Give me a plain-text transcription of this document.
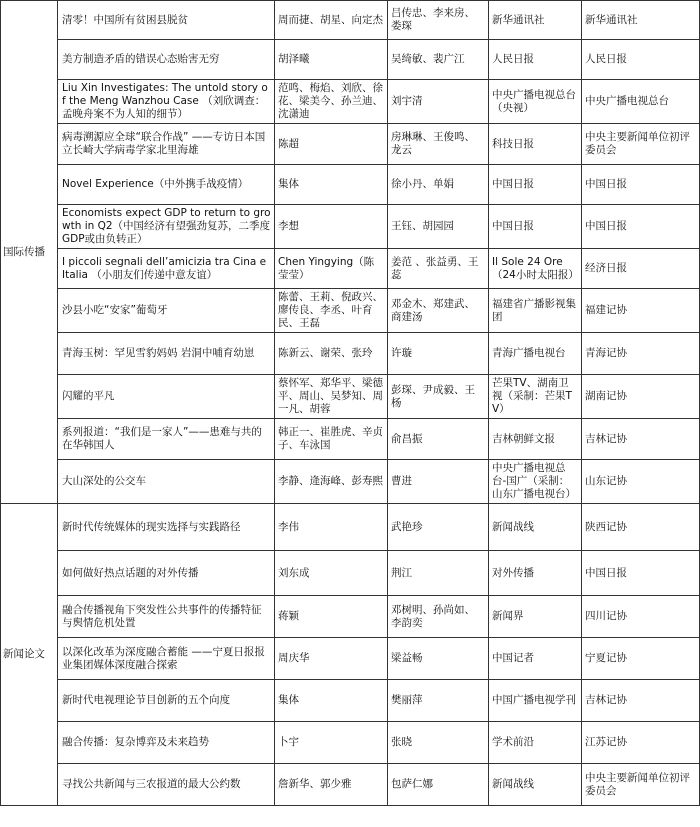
国际传播	清零！中国所有贫困县脱贫	周而捷、胡星、向定杰	吕传忠、李来房、娄琛	新华通讯社	新华通讯社
	美方制造矛盾的错误心态贻害无穷	胡泽曦	吴绮敏、裴广江	人民日报	人民日报
	Liu Xin Investigates: The untold story of the Meng Wanzhou Case （刘欣调查：孟晚舟案不为人知的细节）	范鸣、梅焰、刘欣、徐花、梁美今、孙兰迪、沈潇迪	刘宇清	中央广播电视总台（央视）	中央广播电视总台
	病毒溯源应全球“联合作战” ——专访日本国立长崎大学病毒学家北里海雄	陈超	房琳琳、王俊鸣、龙云	科技日报	中央主要新闻单位初评委员会
	Novel Experience（中外携手战疫情）	集体	徐小丹、单娟	中国日报	中国日报
	Economists expect GDP to return to growth in Q2（中国经济有望强劲复苏，二季度GDP或由负转正）	李想	王钰、胡园园	中国日报	中国日报
	I piccoli segnali dell’amicizia tra Cina e Italia （小朋友们传递中意友谊）	Chen Yingying（陈莹莹）	姜范 、张益勇、王蕊	Il Sole 24 Ore（24小时太阳报）	经济日报
	沙县小吃“安家”葡萄牙	陈蕾、王莉、倪政兴、廖传良、李丞、叶育民、王磊	邓金木、郑建武、商建汤	福建省广播影视集团	福建记协
	青海玉树：罕见雪豹妈妈 岩洞中哺育幼崽	陈新云、谢荣、张玲	许璇	青海广播电视台	青海记协
	闪耀的平凡	蔡怀军、郑华平、梁德平、周山、吴梦知、周一凡、胡蓉	彭琛、尹成毅、王杨	芒果TV、湖南卫视（采制：芒果TV）	湖南记协
	系列报道：“我们是一家人”——患难与共的在华韩国人	韩正一、崔胜虎、辛贞子、车泳国	俞昌振	吉林朝鲜文报	吉林记协
	大山深处的公交车	李静、逄海峰、彭寿熙	曹进	中央广播电视总台-国广（采制：山东广播电视台）	山东记协
新闻论文	新时代传统媒体的现实选择与实践路径	李伟	武艳珍	新闻战线	陕西记协
	如何做好热点话题的对外传播	刘东成	荆江	对外传播	中国日报
	融合传播视角下突发性公共事件的传播特征与舆情危机处置	蒋颖	邓树明、孙尚如、李韵奕	新闻界	四川记协
	以深化改革为深度融合蓄能 ——宁夏日报报业集团媒体深度融合探索	周庆华	梁益畅	中国记者	宁夏记协
	新时代电视理论节目创新的五个向度	集体	樊丽萍	中国广播电视学刊	吉林记协
	融合传播：复杂博弈及未来趋势	卜宇	张晓	学术前沿	江苏记协
	寻找公共新闻与三农报道的最大公约数	詹新华、郭少雅	包萨仁娜	新闻战线	中央主要新闻单位初评委员会
